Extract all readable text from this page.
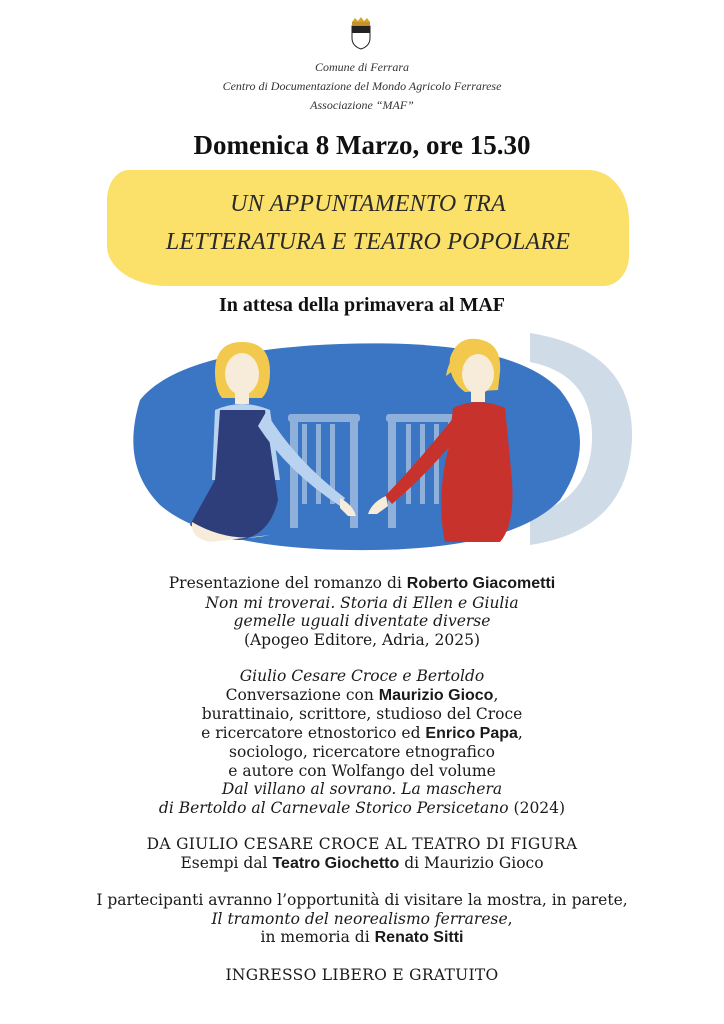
Comune di Ferrara
Centro di Documentazione del Mondo Agricolo Ferrarese
Associazione “MAF”
Domenica 8 Marzo, ore 15.30
UN APPUNTAMENTO TRA
LETTERATURA E TEATRO POPOLARE
In attesa della primavera al MAF

Presentazione del romanzo di Roberto Giacometti

Non mi troverai. Storia di Ellen e Giulia

gemelle uguali diventate diverse

(Apogeo Editore, Adria, 2025)

Giulio Cesare Croce e Bertoldo

Conversazione con Maurizio Gioco,

burattinaio, scrittore, studioso del Croce

e ricercatore etnostorico ed Enrico Papa,

sociologo, ricercatore etnografico

e autore con Wolfango del volume

Dal villano al sovrano. La maschera

di Bertoldo al Carnevale Storico Persicetano (2024)

DA GIULIO CESARE CROCE AL TEATRO DI FIGURA

Esempi dal Teatro Giochetto di Maurizio Gioco

I partecipanti avranno l’opportunità di visitare la mostra, in parete,

Il tramonto del neorealismo ferrarese,

in memoria di Renato Sitti

INGRESSO LIBERO E GRATUITO
